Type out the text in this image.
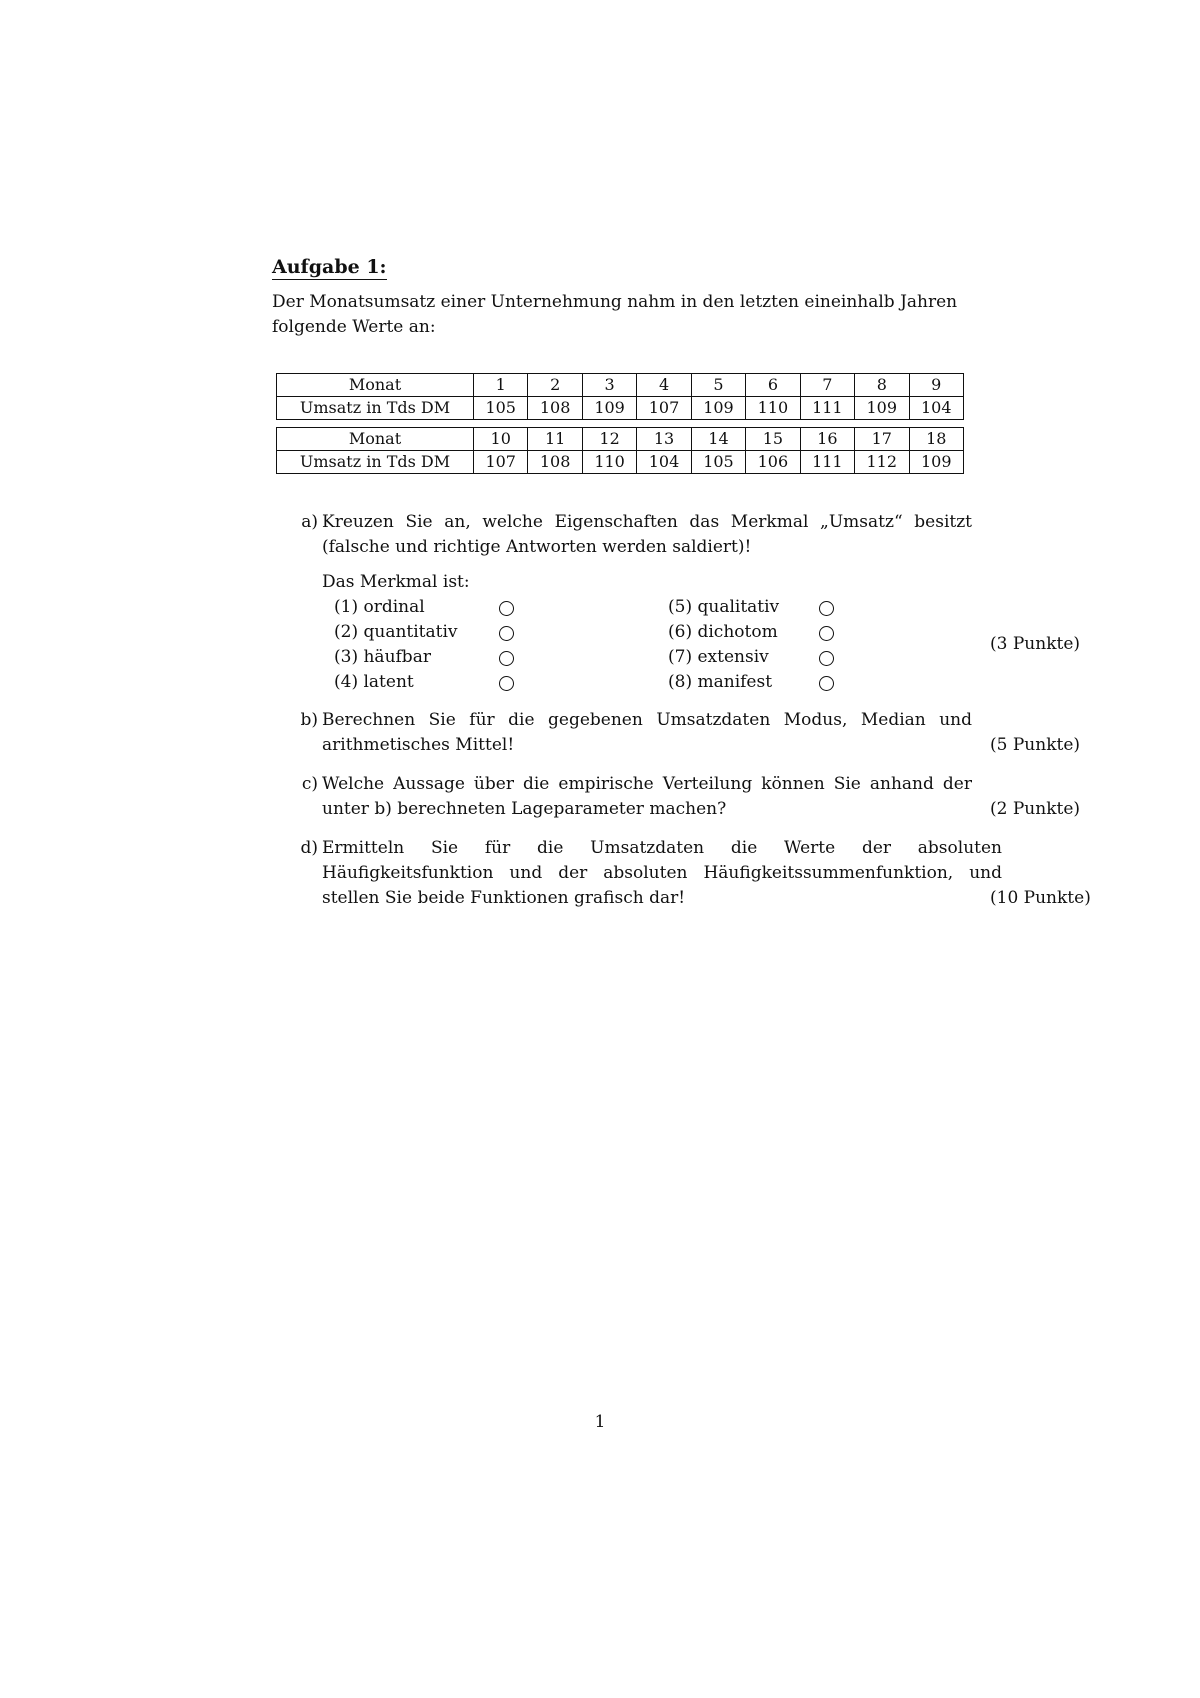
Aufgabe 1:
Der Monatsumsatz einer Unternehmung nahm in den letzten eineinhalb Jahren folgende Werte an:
Monat	1	2	3	4	5	6	7	8	9
Umsatz in Tds DM	105	108	109	107	109	110	111	109	104
Monat	10	11	12	13	14	15	16	17	18
Umsatz in Tds DM	107	108	110	104	105	106	111	112	109
a) Kreuzen Sie an, welche Eigenschaften das Merkmal „Umsatz“ besitzt (falsche und richtige Antworten werden saldiert)!
Das Merkmal ist:
(1) ordinal
(2) quantitativ
(3) häufbar
(4) latent
(5) qualitativ
(6) dichotom
(7) extensiv
(8) manifest
(3 Punkte)
b) Berechnen Sie für die gegebenen Umsatzdaten Modus, Median und arithmetisches Mittel!	(5 Punkte)
c) Welche Aussage über die empirische Verteilung können Sie anhand der unter b) berechneten Lageparameter machen?	(2 Punkte)
d) Ermitteln Sie für die Umsatzdaten die Werte der absoluten Häufigkeitsfunktion und der absoluten Häufigkeitssummenfunktion, und stellen Sie beide Funktionen grafisch dar!	(10 Punkte)
1
